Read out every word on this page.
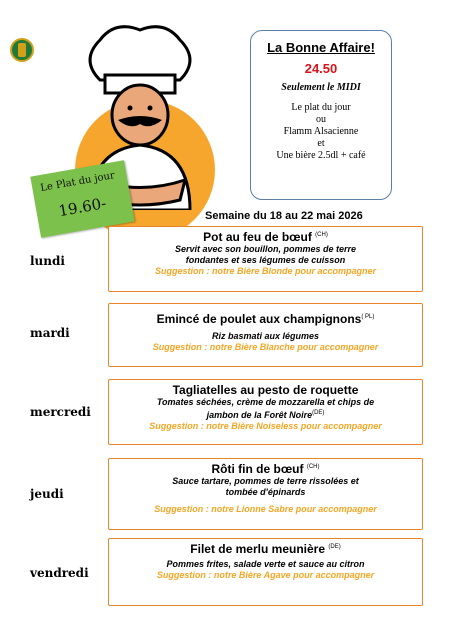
Le Plat du jour
19.60-
La Bonne Affaire!
24.50
Seulement le MIDI
Le plat du jour
ou
Flamm Alsacienne
et
Une bière 2.5dl + café
Semaine du 18 au 22 mai 2026
lundi
Pot au feu de bœuf $^{(CH)}$
Servit avec son bouillon, pommes de terre
fondantes et ses légumes de cuisson
Suggestion : notre Bière Blonde pour accompagner
mardi
Emincé de poulet aux champignons$^{( PL)}$
Riz basmati aux légumes
Suggestion : notre Bière Blanche pour accompagner
mercredi
Tagliatelles au pesto de roquette
Tomates séchées, crème de mozzarella et chips de
jambon de la Forêt Noire$^{(DE)}$
Suggestion : notre Bière Noiseless pour accompagner
jeudi
Rôti fin de bœuf $^{(CH)}$
Sauce tartare, pommes de terre rissolées et
tombée d'épinards
Suggestion : notre Lionne Sabre pour accompagner
vendredi
Filet de merlu meunière $^{(DE)}$
Pommes frites, salade verte et sauce au citron
Suggestion : notre Bière Agave pour accompagner
